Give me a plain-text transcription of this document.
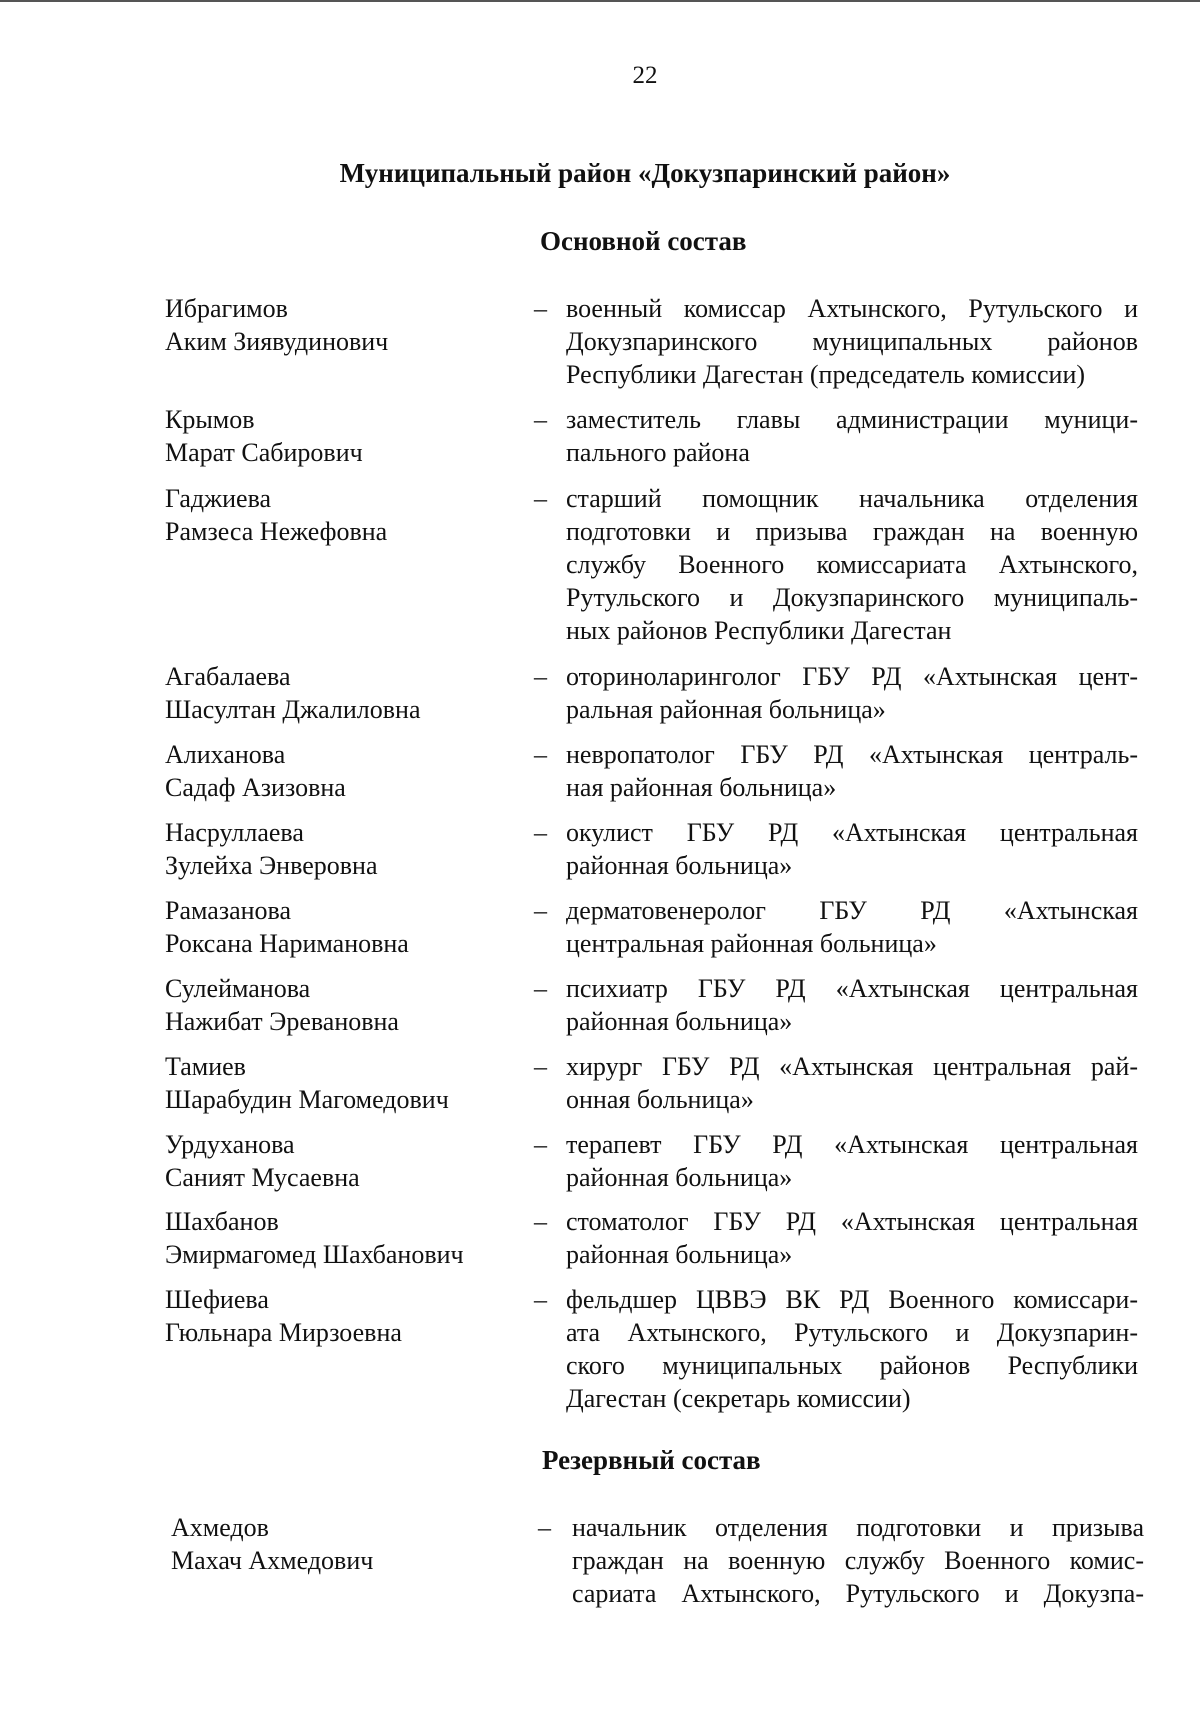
22
Муниципальный район «Докузпаринский район»
Основной состав
Ибрагимов
Аким Зиявудинович
– военный комиссар Ахтынского, Рутульского и
Докузпаринского муниципальных районов
Республики Дагестан (председатель комиссии)
Крымов
Марат Сабирович
– заместитель главы администрации муници-
пального района
Гаджиева
Рамзеса Нежефовна
– старший помощник начальника отделения
подготовки и призыва граждан на военную
службу Военного комиссариата Ахтынского,
Рутульского и Докузпаринского муниципаль-
ных районов Республики Дагестан
Агабалаева
Шасултан Джалиловна
– оториноларинголог ГБУ РД «Ахтынская цент-
ральная районная больница»
Алиханова
Садаф Азизовна
– невропатолог ГБУ РД «Ахтынская централь-
ная районная больница»
Насруллаева
Зулейха Энверовна
– окулист ГБУ РД «Ахтынская центральная
районная больница»
Рамазанова
Роксана Наримановна
– дерматовенеролог ГБУ РД «Ахтынская
центральная районная больница»
Сулейманова
Нажибат Эревановна
– психиатр ГБУ РД «Ахтынская центральная
районная больница»
Тамиев
Шарабудин Магомедович
– хирург ГБУ РД «Ахтынская центральная рай-
онная больница»
Урдуханова
Саният Мусаевна
– терапевт ГБУ РД «Ахтынская центральная
районная больница»
Шахбанов
Эмирмагомед Шахбанович
– стоматолог ГБУ РД «Ахтынская центральная
районная больница»
Шефиева
Гюльнара Мирзоевна
– фельдшер ЦВВЭ ВК РД Военного комиссари-
ата Ахтынского, Рутульского и Докузпарин-
ского муниципальных районов Республики
Дагестан (секретарь комиссии)
Резервный состав
Ахмедов
Махач Ахмедович
– начальник отделения подготовки и призыва
граждан на военную службу Военного комис-
сариата Ахтынского, Рутульского и Докузпа-
